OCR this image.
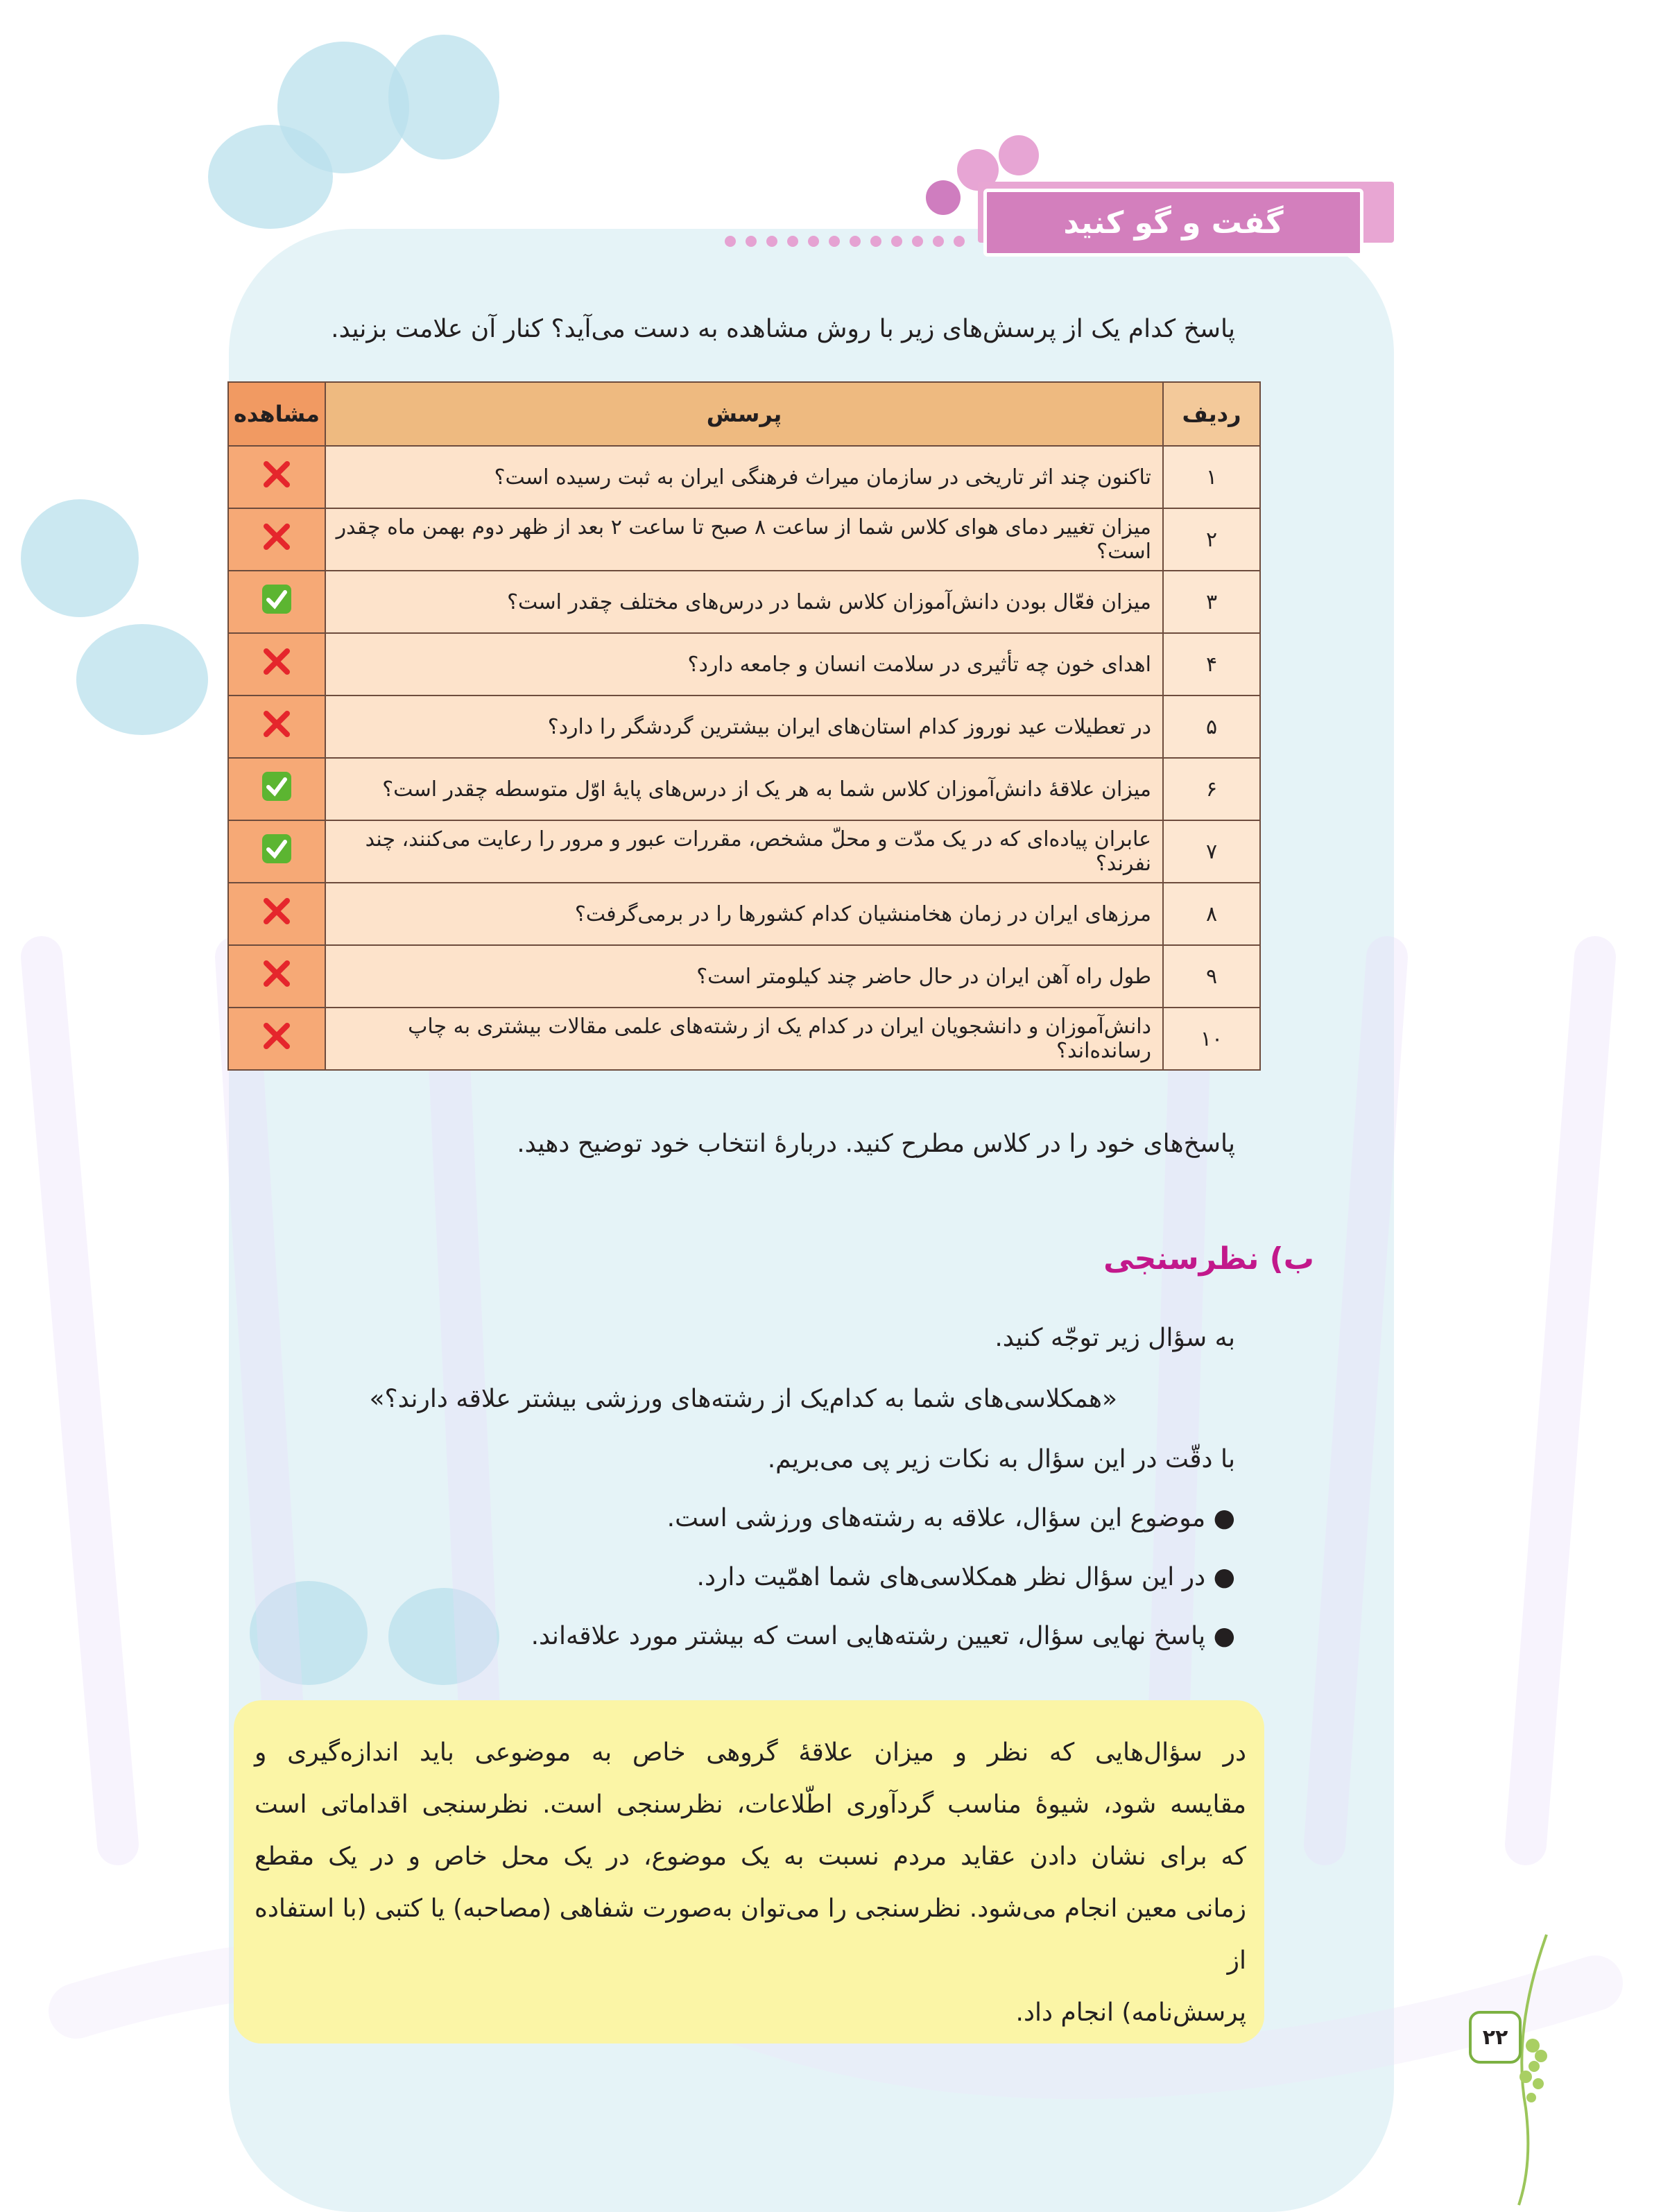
گفت و گو کنید
پاسخ کدام یک از پرسش‌های زیر با روش مشاهده به دست می‌آید؟ کنار آن علامت بزنید.
ردیف	پرسش	مشاهده
۱	تاکنون چند اثر تاریخی در سازمان میراث فرهنگی ایران به ثبت رسیده است؟	
۲	میزان تغییر دمای هوای کلاس شما از ساعت ۸ صبح تا ساعت ۲ بعد از ظهر دوم بهمن ماه چقدر است؟	
۳	میزان فعّال بودن دانش‌آموزان کلاس شما در درس‌های مختلف چقدر است؟	
۴	اهدای خون چه تأثیری در سلامت انسان و جامعه دارد؟	
۵	در تعطیلات عید نوروز کدام استان‌های ایران بیشترین گردشگر را دارد؟	
۶	میزان علاقهٔ دانش‌آموزان کلاس شما به هر یک از درس‌های پایهٔ اوّل متوسطه چقدر است؟	
۷	عابران پیاده‌ای که در یک مدّت و محلّ مشخص، مقررات عبور و مرور را رعایت می‌کنند، چند نفرند؟	
۸	مرزهای ایران در زمان هخامنشیان کدام کشورها را در برمی‌گرفت؟	
۹	طول راه آهن ایران در حال حاضر چند کیلومتر است؟	
۱۰	دانش‌آموزان و دانشجویان ایران در کدام یک از رشته‌های علمی مقالات بیشتری به چاپ رسانده‌اند؟	
پاسخ‌های خود را در کلاس مطرح کنید. دربارهٔ انتخاب خود توضیح دهید.
ب) نظرسنجی
به سؤال زیر توجّه کنید.
«همکلاسی‌های شما به کدام‌یک از رشته‌های ورزشی بیشتر علاقه دارند؟»
با دقّت در این سؤال به نکات زیر پی می‌بریم.
● موضوع این سؤال، علاقه به رشته‌های ورزشی است.
● در این سؤال نظر همکلاسی‌های شما اهمّیت دارد.
● پاسخ نهایی سؤال، تعیین رشته‌هایی است که بیشتر مورد علاقه‌اند.
در سؤال‌هایی که نظر و میزان علاقهٔ گروهی خاص به موضوعی باید اندازه‌گیری و
مقایسه شود، شیوهٔ مناسب گردآوری اطّلاعات، نظرسنجی است. نظرسنجی اقداماتی است
که برای نشان دادن عقاید مردم نسبت به یک موضوع، در یک محل خاص و در یک مقطع
زمانی معین انجام می‌شود. نظرسنجی را می‌توان به‌صورت شفاهی (مصاحبه) یا کتبی (با استفاده از
پرسش‌نامه) انجام داد.
۲۲
